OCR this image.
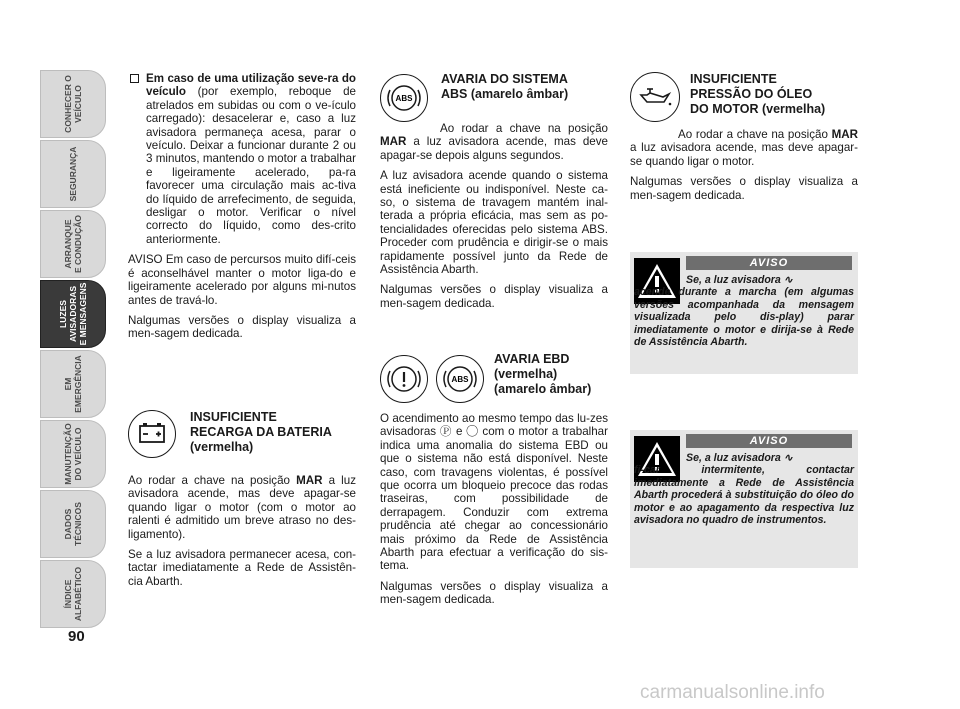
CONHECER O
VEÍCULO
SEGURANÇA
ARRANQUE
E CONDUÇÃO
LUZES
AVISADORAS
E MENSAGENS
EM
EMERGÊNCIA
MANUTENÇÃO
DO VEÍCULO
DADOS
TÉCNICOS
ÍNDICE
ALFABÉTICO
90

Em caso de uma utilização seve-ra do veículo (por exemplo, reboque de atrelados em subidas ou com o ve-ículo carregado): desacelerar e, caso a luz avisadora permaneça acesa, parar o veículo. Deixar a funcionar durante 2 ou 3 minutos, mantendo o motor a trabalhar e ligeiramente acelerado, pa-ra favorecer uma circulação mais ac-tiva do líquido de arrefecimento, de seguida, desligar o motor. Verificar o nível correcto do líquido, como des-crito anteriormente.

AVISO Em caso de percursos muito difí-ceis é aconselhável manter o motor liga-do e ligeiramente acelerado por alguns mi-nutos antes de travá-lo.

Nalgumas versões o display visualiza a men-sagem dedicada.

INSUFICIENTE
RECARGA DA BATERIA
(vermelha)

Ao rodar a chave na posição MAR a luz avisadora acende, mas deve apagar-se quando ligar o motor (com o motor ao ralenti é admitido um breve atraso no des-ligamento).

Se a luz avisadora permanecer acesa, con-tactar imediatamente a Rede de Assistên-cia Abarth.

ABS
AVARIA DO SISTEMA
ABS (amarelo âmbar)

Ao rodar a chave na posição MAR a luz avisadora acende, mas deve apagar-se depois alguns segundos.

A luz avisadora acende quando o sistema está ineficiente ou indisponível. Neste ca-so, o sistema de travagem mantém inal-terada a própria eficácia, mas sem as po-tencialidades oferecidas pelo sistema ABS. Proceder com prudência e dirigir-se o mais rapidamente possível junto da Rede de Assistência Abarth.

Nalgumas versões o display visualiza a men-sagem dedicada.

ABS
AVARIA EBD
(vermelha)
(amarelo âmbar)

O acendimento ao mesmo tempo das lu-zes avisadoras Ⓟ e ◯ com o motor a trabalhar indica uma anomalia do sistema EBD ou que o sistema não está disponível. Neste caso, com travagens violentas, é possível que ocorra um bloqueio precoce das rodas traseiras, com possibilidade de derrapagem. Conduzir com extrema prudência até chegar ao concessionário mais próximo da Rede de Assistência Abarth para efectuar a verificação do sis-tema.

Nalgumas versões o display visualiza a men-sagem dedicada.

INSUFICIENTE
PRESSÃO DO ÓLEO
DO MOTOR (vermelha)

Ao rodar a chave na posição MAR a luz avisadora acende, mas deve apagar-se quando ligar o motor.

Nalgumas versões o display visualiza a men-sagem dedicada.

AVISO
Se, a luz avisadora ∿
acende durante a marcha (em algumas versões acompanhada da mensagem visualizada pelo dis-play) parar imediatamente o motor e dirija-se à Rede de Assistência Abarth.
AVISO
Se, a luz avisadora ∿
fi-car intermitente, contactar imediatamente a Rede de Assistência Abarth procederá à substituição do óleo do motor e ao apagamento da respectiva luz avisadora no quadro de instrumentos.
carmanualsonline.info
